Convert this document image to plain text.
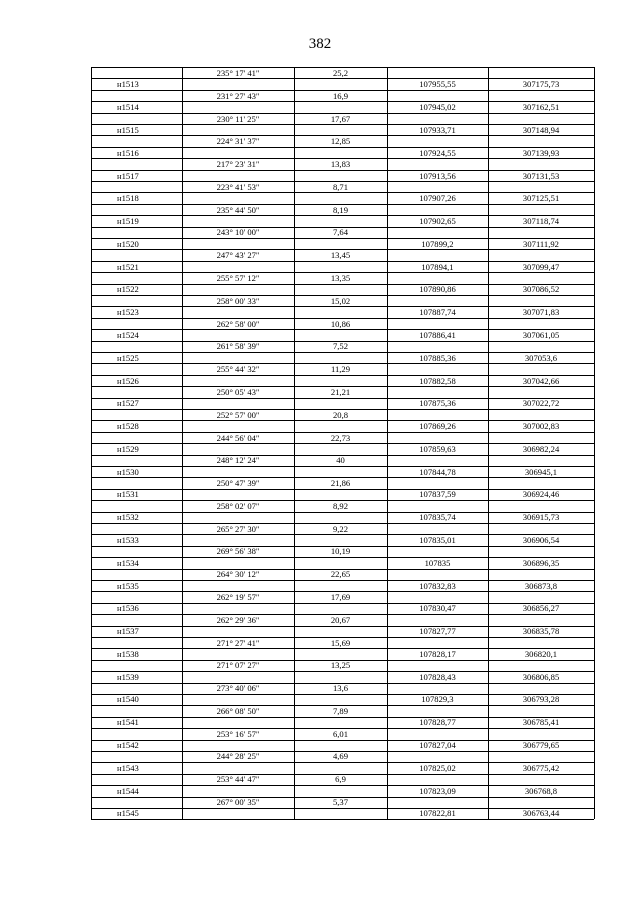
382
235° 17' 41"	25,2
н1513	107955,55	307175,73
231° 27' 43"	16,9
н1514	107945,02	307162,51
230° 11' 25"	17,67
н1515	107933,71	307148,94
224° 31' 37"	12,85
н1516	107924,55	307139,93
217° 23' 31"	13,83
н1517	107913,56	307131,53
223° 41' 53"	8,71
н1518	107907,26	307125,51
235° 44' 50"	8,19
н1519	107902,65	307118,74
243° 10' 00"	7,64
н1520	107899,2	307111,92
247° 43' 27"	13,45
н1521	107894,1	307099,47
255° 57' 12"	13,35
н1522	107890,86	307086,52
258° 00' 33"	15,02
н1523	107887,74	307071,83
262° 58' 00"	10,86
н1524	107886,41	307061,05
261° 58' 39"	7,52
н1525	107885,36	307053,6
255° 44' 32"	11,29
н1526	107882,58	307042,66
250° 05' 43"	21,21
н1527	107875,36	307022,72
252° 57' 00"	20,8
н1528	107869,26	307002,83
244° 56' 04"	22,73
н1529	107859,63	306982,24
248° 12' 24"	40
н1530	107844,78	306945,1
250° 47' 39"	21,86
н1531	107837,59	306924,46
258° 02' 07"	8,92
н1532	107835,74	306915,73
265° 27' 30"	9,22
н1533	107835,01	306906,54
269° 56' 38"	10,19
н1534	107835	306896,35
264° 30' 12"	22,65
н1535	107832,83	306873,8
262° 19' 57"	17,69
н1536	107830,47	306856,27
262° 29' 36"	20,67
н1537	107827,77	306835,78
271° 27' 41"	15,69
н1538	107828,17	306820,1
271° 07' 27"	13,25
н1539	107828,43	306806,85
273° 40' 06"	13,6
н1540	107829,3	306793,28
266° 08' 50"	7,89
н1541	107828,77	306785,41
253° 16' 57"	6,01
н1542	107827,04	306779,65
244° 28' 25"	4,69
н1543	107825,02	306775,42
253° 44' 47"	6,9
н1544	107823,09	306768,8
267° 00' 35"	5,37
н1545	107822,81	306763,44
